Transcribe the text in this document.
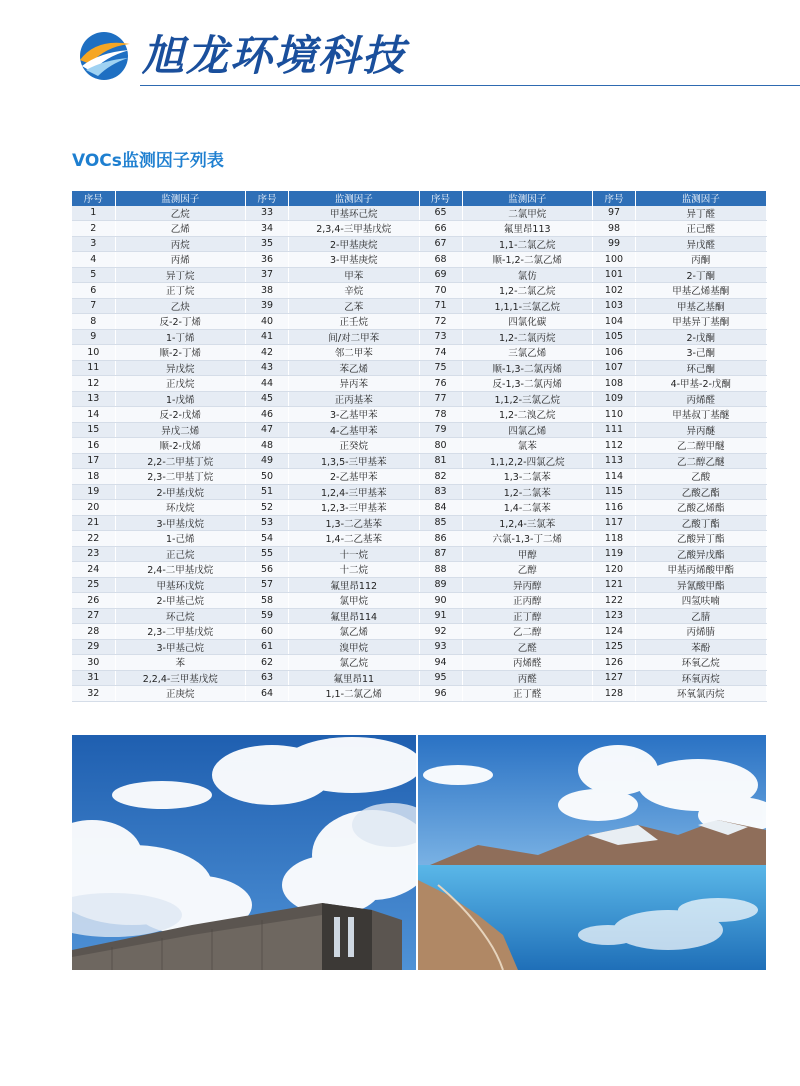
旭龙环境科技
VOCs监测因子列表
序号	监测因子	序号	监测因子	序号	监测因子	序号	监测因子
1	乙烷	33	甲基环己烷	65	二氯甲烷	97	异丁醛
2	乙烯	34	2,3,4-三甲基戊烷	66	氟里昂113	98	正己醛
3	丙烷	35	2-甲基庚烷	67	1,1-二氯乙烷	99	异戊醛
4	丙烯	36	3-甲基庚烷	68	顺-1,2-二氯乙烯	100	丙酮
5	异丁烷	37	甲苯	69	氯仿	101	2-丁酮
6	正丁烷	38	辛烷	70	1,2-二氯乙烷	102	甲基乙烯基酮
7	乙炔	39	乙苯	71	1,1,1-三氯乙烷	103	甲基乙基酮
8	反-2-丁烯	40	正壬烷	72	四氯化碳	104	甲基异丁基酮
9	1-丁烯	41	间/对二甲苯	73	1,2-二氯丙烷	105	2-戊酮
10	顺-2-丁烯	42	邻二甲苯	74	三氯乙烯	106	3-己酮
11	异戊烷	43	苯乙烯	75	顺-1,3-二氯丙烯	107	环己酮
12	正戊烷	44	异丙苯	76	反-1,3-二氯丙烯	108	4-甲基-2-戊酮
13	1-戊烯	45	正丙基苯	77	1,1,2-三氯乙烷	109	丙烯醛
14	反-2-戊烯	46	3-乙基甲苯	78	1,2-二溴乙烷	110	甲基叔丁基醚
15	异戊二烯	47	4-乙基甲苯	79	四氯乙烯	111	异丙醚
16	顺-2-戊烯	48	正癸烷	80	氯苯	112	乙二醇甲醚
17	2,2-二甲基丁烷	49	1,3,5-三甲基苯	81	1,1,2,2-四氯乙烷	113	乙二醇乙醚
18	2,3-二甲基丁烷	50	2-乙基甲苯	82	1,3-二氯苯	114	乙酸
19	2-甲基戊烷	51	1,2,4-三甲基苯	83	1,2-二氯苯	115	乙酸乙酯
20	环戊烷	52	1,2,3-三甲基苯	84	1,4-二氯苯	116	乙酸乙烯酯
21	3-甲基戊烷	53	1,3-二乙基苯	85	1,2,4-三氯苯	117	乙酸丁酯
22	1-己烯	54	1,4-二乙基苯	86	六氯-1,3-丁二烯	118	乙酸异丁酯
23	正己烷	55	十一烷	87	甲醇	119	乙酸异戊酯
24	2,4-二甲基戊烷	56	十二烷	88	乙醇	120	甲基丙烯酸甲酯
25	甲基环戊烷	57	氟里昂112	89	异丙醇	121	异氰酸甲酯
26	2-甲基己烷	58	氯甲烷	90	正丙醇	122	四氢呋喃
27	环己烷	59	氟里昂114	91	正丁醇	123	乙腈
28	2,3-二甲基戊烷	60	氯乙烯	92	乙二醇	124	丙烯腈
29	3-甲基己烷	61	溴甲烷	93	乙醛	125	苯酚
30	苯	62	氯乙烷	94	丙烯醛	126	环氧乙烷
31	2,2,4-三甲基戊烷	63	氟里昂11	95	丙醛	127	环氧丙烷
32	正庚烷	64	1,1-二氯乙烯	96	正丁醛	128	环氧氯丙烷
